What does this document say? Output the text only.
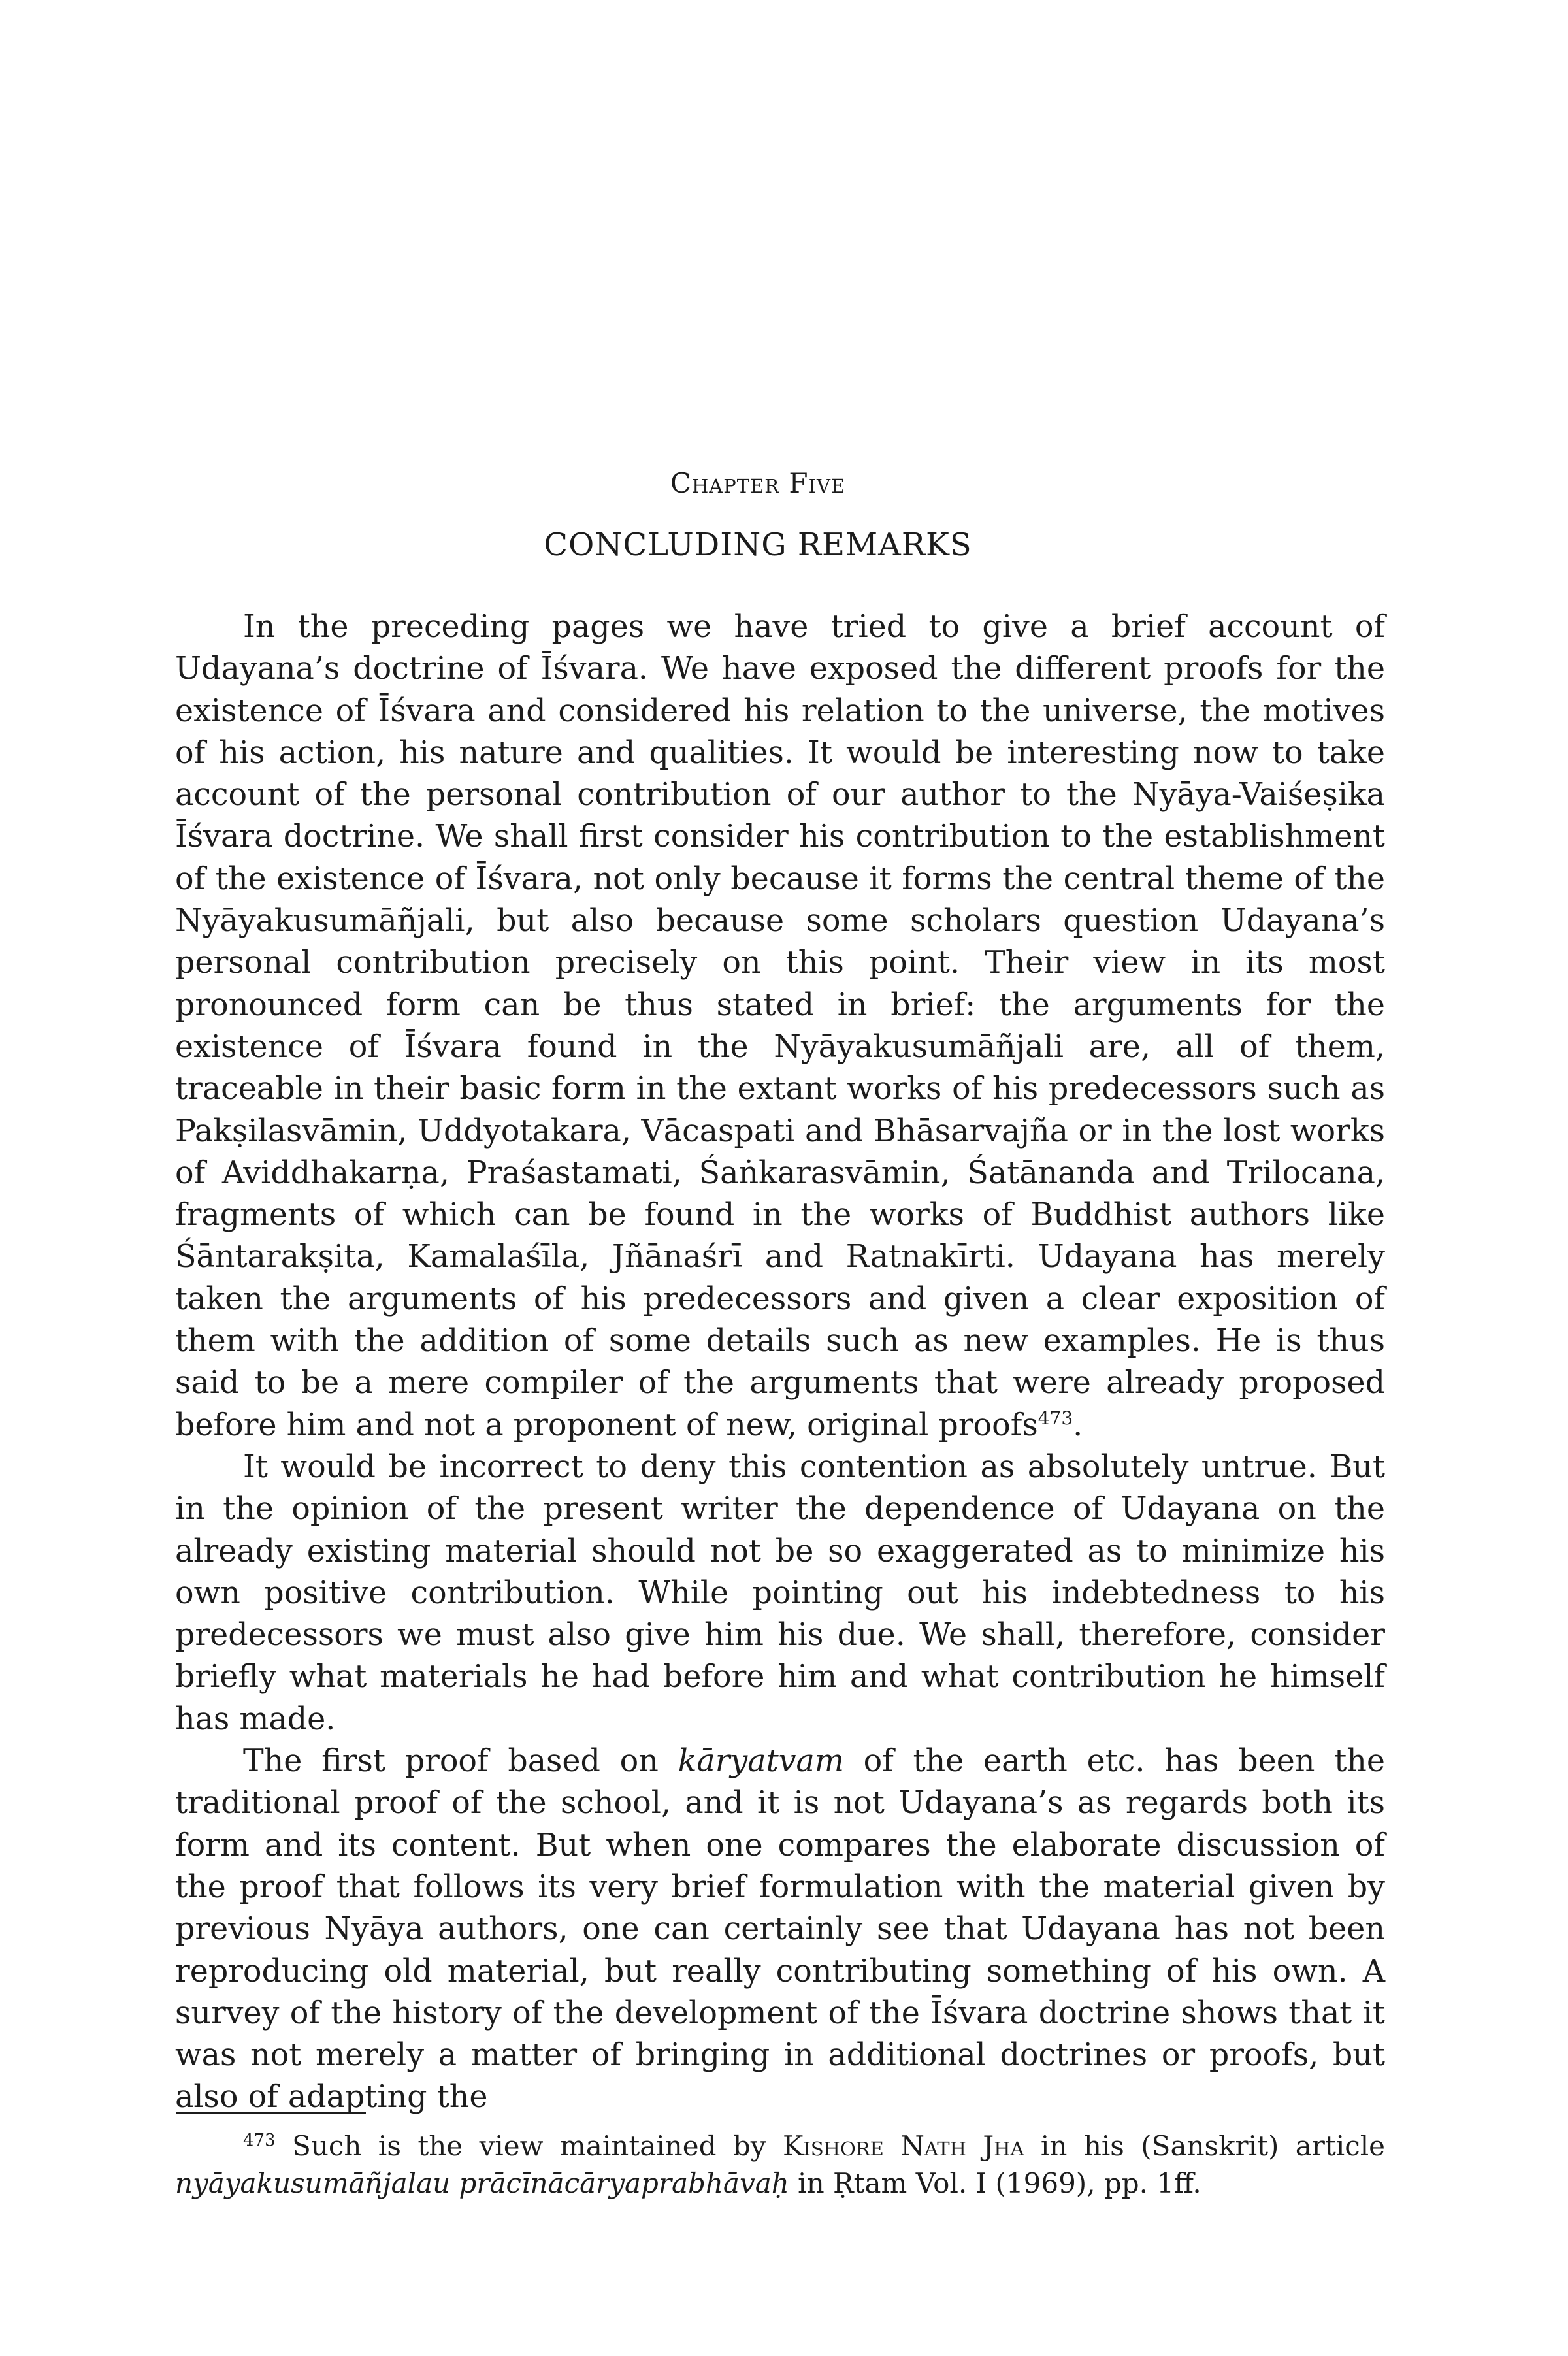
Chapter Five
CONCLUDING REMARKS

In the preceding pages we have tried to give a brief account of Udayana’s doctrine of Īśvara. We have exposed the different proofs for the existence of Īśvara and considered his relation to the universe, the motives of his action, his nature and qualities. It would be interesting now to take account of the personal contribution of our author to the Nyāya-Vaiśeṣika Īśvara doctrine. We shall first consider his contribution to the establishment of the existence of Īśvara, not only because it forms the central theme of the Nyāyakusumāñjali, but also because some scholars question Udayana’s personal contribution precisely on this point. Their view in its most pronounced form can be thus stated in brief: the arguments for the existence of Īśvara found in the Nyāyakusumāñjali are, all of them, traceable in their basic form in the extant works of his predecessors such as Pakṣilasvāmin, Uddyotakara, Vācaspati and Bhāsarvajña or in the lost works of Aviddhakarṇa, Praśastamati, Śaṅkarasvāmin, Śatānanda and Trilocana, fragments of which can be found in the works of Buddhist authors like Śāntarakṣita, Kamalaśīla, Jñānaśrī and Ratnakīrti. Udayana has merely taken the arguments of his predecessors and given a clear exposition of them with the addition of some details such as new examples. He is thus said to be a mere compiler of the arguments that were already proposed before him and not a proponent of new, original proofs$^{473}$.

It would be incorrect to deny this contention as absolutely untrue. But in the opinion of the present writer the dependence of Udayana on the already existing material should not be so exaggerated as to minimize his own positive contribution. While pointing out his indebtedness to his predecessors we must also give him his due. We shall, therefore, consider briefly what materials he had before him and what contribution he himself has made.

The first proof based on kāryatvam of the earth etc. has been the traditional proof of the school, and it is not Udayana’s as regards both its form and its content. But when one compares the elaborate discussion of the proof that follows its very brief formulation with the material given by previous Nyāya authors, one can certainly see that Udayana has not been reproducing old material, but really contributing something of his own. A survey of the history of the development of the Īśvara doctrine shows that it was not merely a matter of bringing in additional doctrines or proofs, but also of adapting the

$^{473}$ Such is the view maintained by Kishore Nath Jha in his (Sanskrit) article nyāyakusumāñjalau prācīnācāryaprabhāvaḥ in Ṛtam Vol. I (1969), pp. 1ff.
